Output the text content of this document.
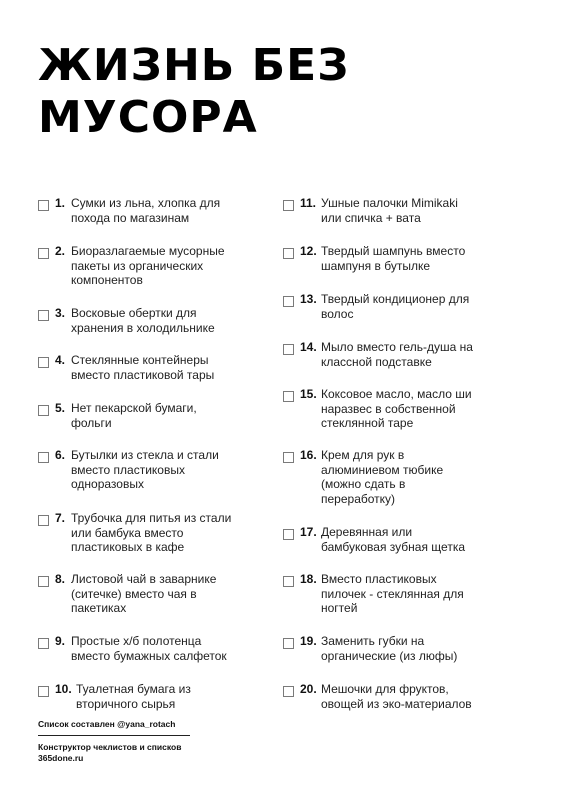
ЖИЗНЬ БЕЗ
МУСОРА
1. Сумки из льна, хлопка для
похода по магазинам
2. Биоразлагаемые мусорные
пакеты из органических
компонентов
3. Восковые обертки для
хранения в холодильнике
4. Стеклянные контейнеры
вместо пластиковой тары
5. Нет пекарской бумаги,
фольги
6. Бутылки из стекла и стали
вместо пластиковых
одноразовых
7. Трубочка для питья из стали
или бамбука вместо
пластиковых в кафе
8. Листовой чай в заварнике
(ситечке) вместо чая в
пакетиках
9. Простые х/б полотенца
вместо бумажных салфеток
10. Туалетная бумага из
вторичного сырья
11. Ушные палочки Mimikaki
или спичка + вата
12. Твердый шампунь вместо
шампуня в бутылке
13. Твердый кондиционер для
волос
14. Мыло вместо гель-душа на
классной подставке
15. Коксовое масло, масло ши
наразвес в собственной
стеклянной таре
16. Крем для рук в
алюминиевом тюбике
(можно сдать в
переработку)
17. Деревянная или
бамбуковая зубная щетка
18. Вместо пластиковых
пилочек - стеклянная для
ногтей
19. Заменить губки на
органические (из люфы)
20. Мешочки для фруктов,
овощей из эко-материалов
Список составлен @yana_rotach
Конструктор чеклистов и списков
365done.ru
